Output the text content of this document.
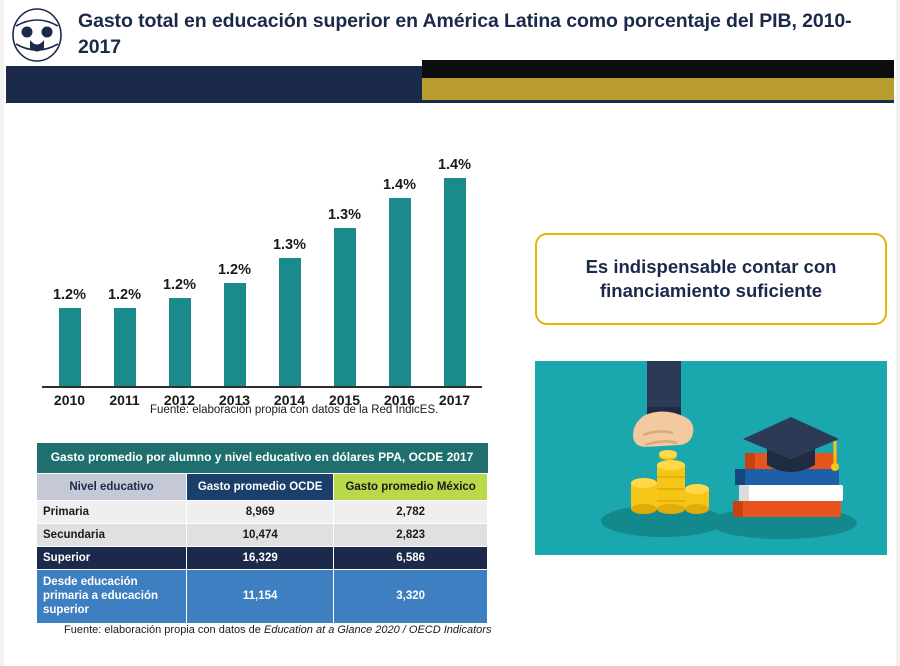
Gasto total en educación superior en América Latina como porcentaje del PIB, 2010-2017
1.2% 1.2%
1.2%
1.2%
1.3%
1.3%
1.4%
1.4%
2010	2011	2012	2013	2014	2015	2016	2017
Fuente: elaboración propia con datos de la Red IndicES.
Es indispensable contar con financiamiento suficiente
Gasto promedio por alumno y nivel educativo en dólares PPA, OCDE 2017		
Nivel educativo	Gasto promedio OCDE	Gasto promedio México
Primaria	8,969	2,782
Secundaria	10,474	2,823
Superior	16,329	6,586
Desde educación primaria a educación superior	11,154	3,320
Fuente: elaboración propia con datos de Education at a Glance 2020 / OECD Indicators
